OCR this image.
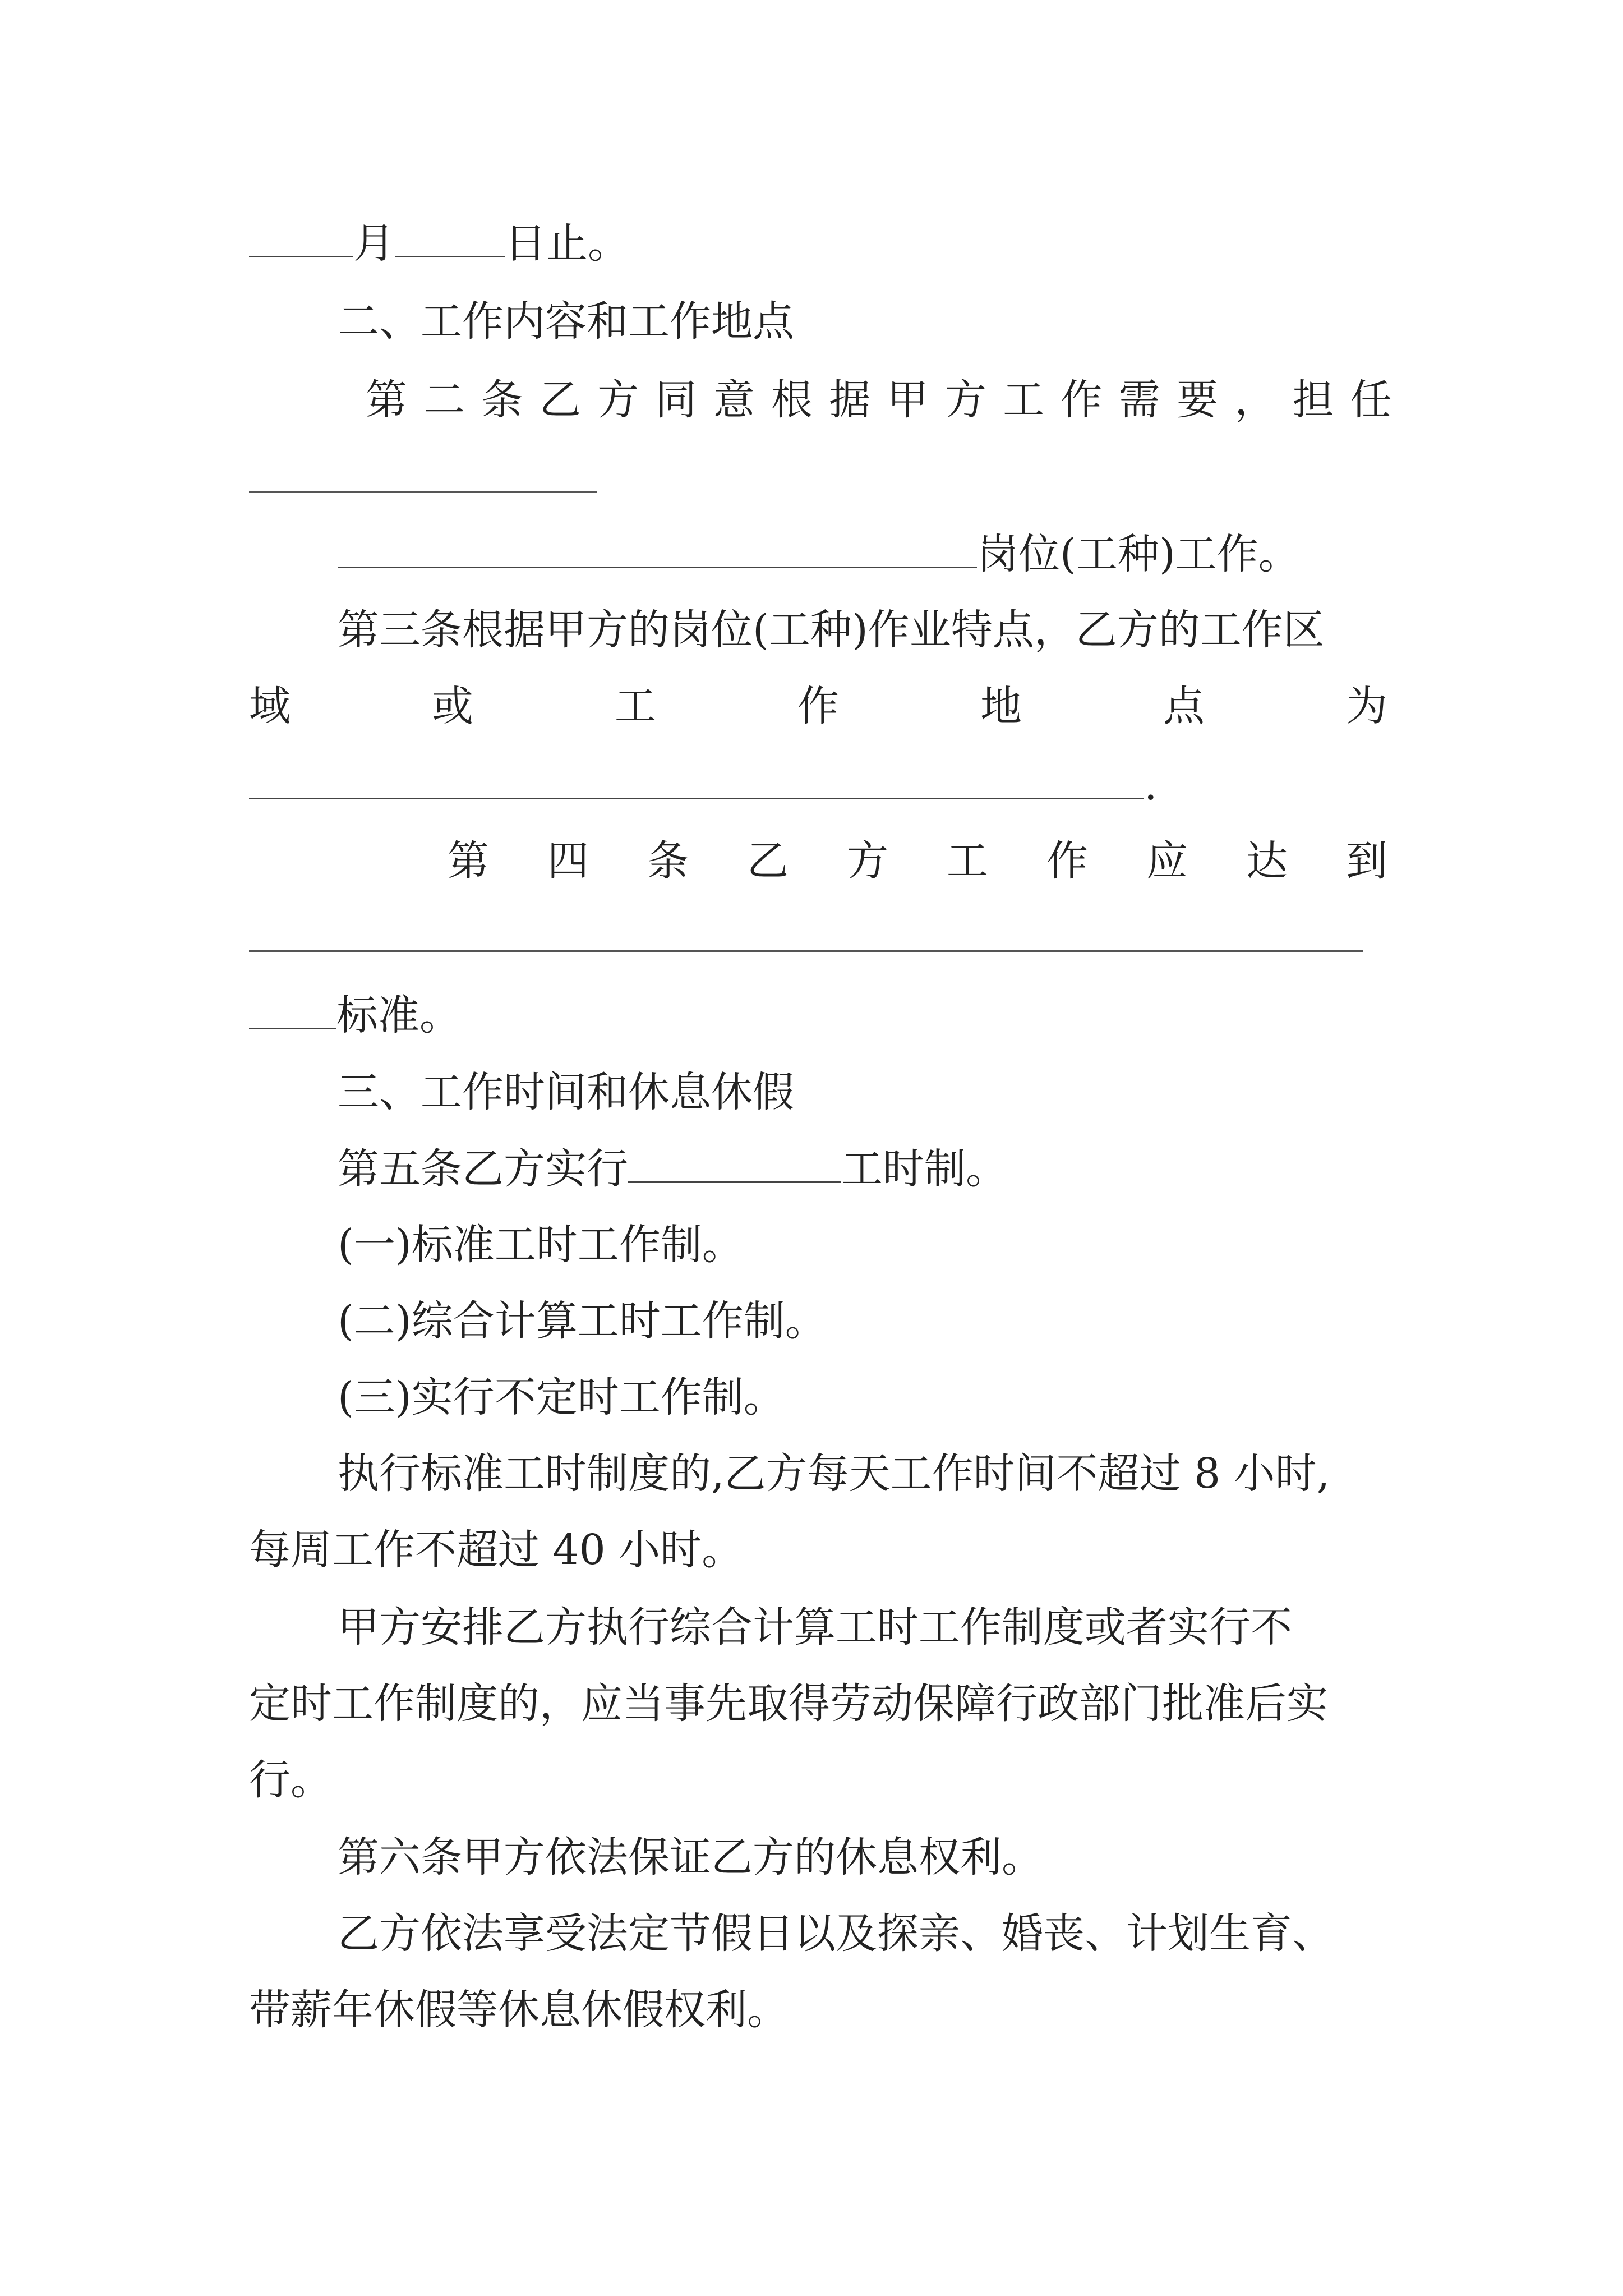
月	日止。
二、工作内容和工作地点
第 二 条 乙 方 同 意 根 据 甲 方 工 作 需 要 ， 担 任
岗位(工种)工作。
第三条根据甲方的岗位(工种)作业特点，乙方的工作区
域	或	工	作	地	点	为
.
第 四 条 乙 方 工 作 应 达 到
标准。
三、工作时间和休息休假
第五条乙方实行	工时制。
(一)标准工时工作制。
(二)综合计算工时工作制。
(三)实行不定时工作制。
执行标准工时制度的,乙方每天工作时间不超过 8 小时,
每周工作不超过 40 小时。
甲方安排乙方执行综合计算工时工作制度或者实行不
定时工作制度的，应当事先取得劳动保障行政部门批准后实
行。
第六条甲方依法保证乙方的休息权利。
乙方依法享受法定节假日以及探亲、婚丧、计划生育、
带薪年休假等休息休假权利。
